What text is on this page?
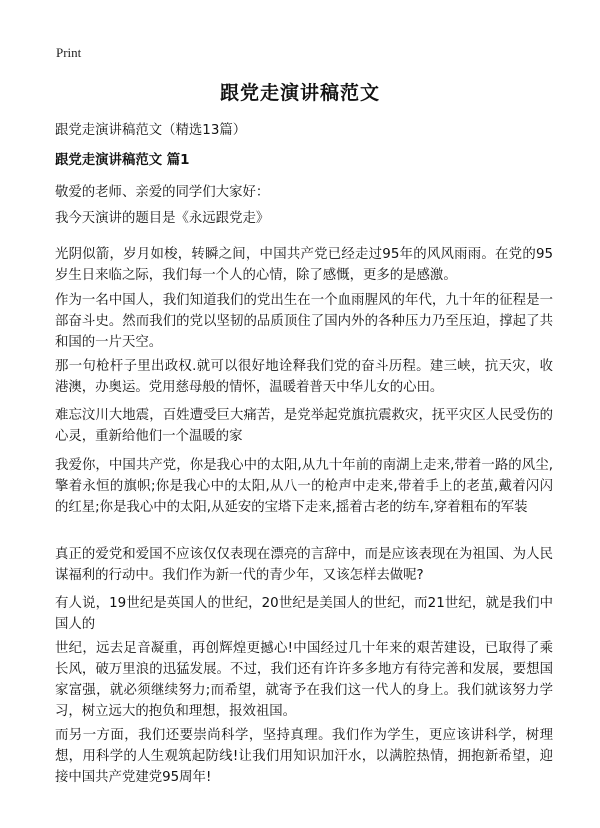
Print
跟党走演讲稿范文

跟党走演讲稿范文（精选13篇）

跟党走演讲稿范文 篇1

敬爱的老师、亲爱的同学们大家好：

我今天演讲的题目是《永远跟党走》

光阴似箭，岁月如梭，转瞬之间，中国共产党已经走过95年的风风雨雨。在党的95岁生日来临之际，我们每一个人的心情，除了感慨，更多的是感激。

作为一名中国人，我们知道我们的党出生在一个血雨腥风的年代，九十年的征程是一部奋斗史。然而我们的党以坚韧的品质顶住了国内外的各种压力乃至压迫，撑起了共和国的一片天空。

那一句枪杆子里出政权.就可以很好地诠释我们党的奋斗历程。建三峡，抗天灾，收港澳，办奥运。党用慈母般的情怀，温暖着普天中华儿女的心田。

难忘汶川大地震，百姓遭受巨大痛苦，是党举起党旗抗震救灾，抚平灾区人民受伤的心灵，重新给他们一个温暖的家

我爱你，中国共产党，你是我心中的太阳,从九十年前的南湖上走来,带着一路的风尘,擎着永恒的旗帜;你是我心中的太阳,从八一的枪声中走来,带着手上的老茧,戴着闪闪的红星;你是我心中的太阳,从延安的宝塔下走来,摇着古老的纺车,穿着粗布的军装

真正的爱党和爱国不应该仅仅表现在漂亮的言辞中，而是应该表现在为祖国、为人民谋福利的行动中。我们作为新一代的青少年，又该怎样去做呢?

有人说，19世纪是英国人的世纪，20世纪是美国人的世纪，而21世纪，就是我们中国人的

世纪，远去足音凝重，再创辉煌更撼心!中国经过几十年来的艰苦建设，已取得了乘长风，破万里浪的迅猛发展。不过，我们还有许许多多地方有待完善和发展，要想国家富强，就必须继续努力;而希望，就寄予在我们这一代人的身上。我们就该努力学习，树立远大的抱负和理想，报效祖国。

而另一方面，我们还要崇尚科学，坚持真理。我们作为学生，更应该讲科学，树理想，用科学的人生观筑起防线!让我们用知识加汗水，以满腔热情，拥抱新希望，迎接中国共产党建党95周年!
